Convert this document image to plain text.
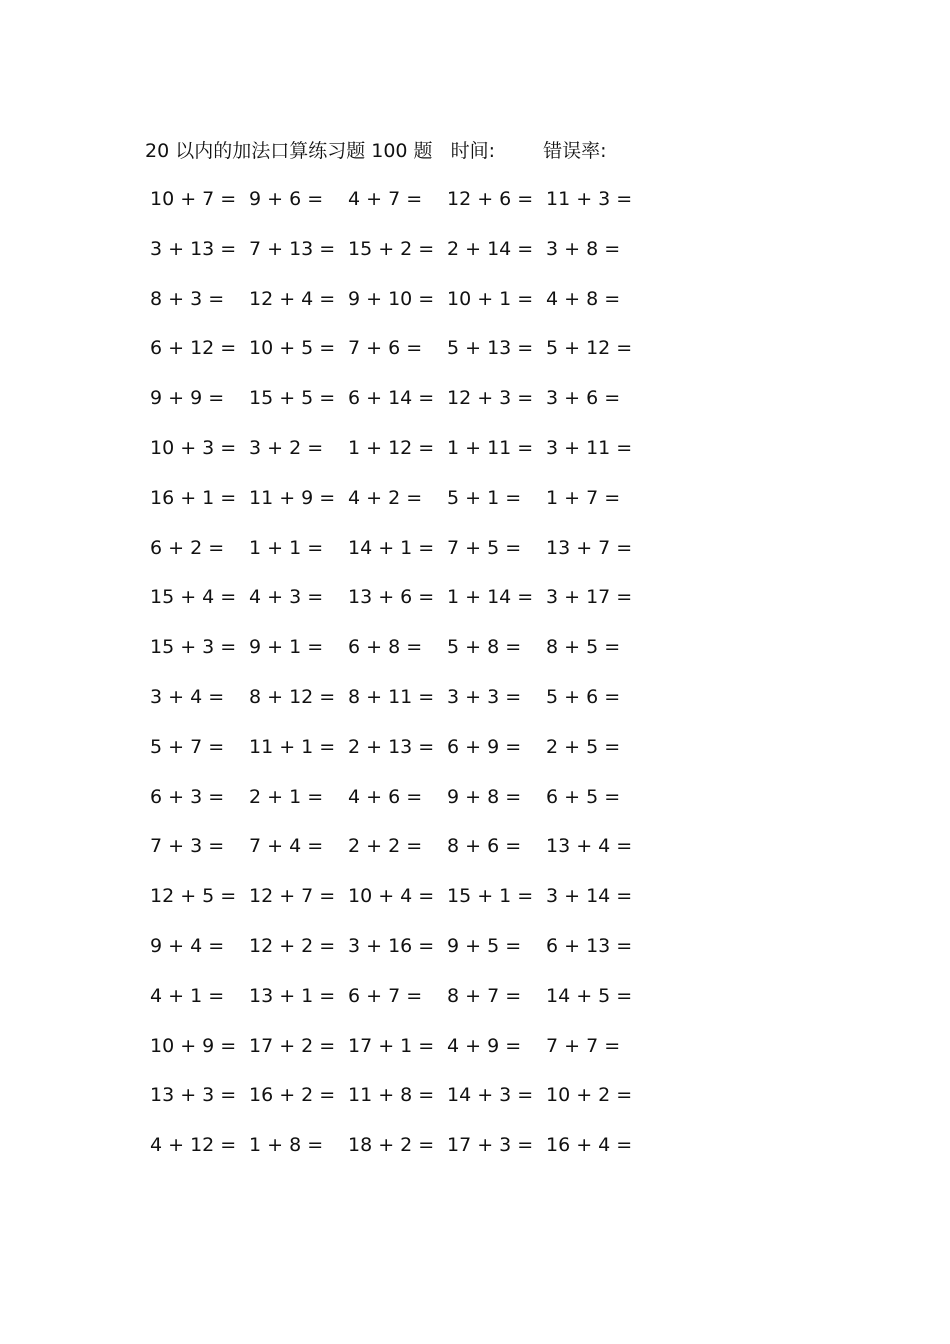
20 以内的加法口算练习题 100 题 时间:	错误率:
10 + 7 = 9 + 6 = 4 + 7 = 12 + 6 = 11 + 3 =
3 + 13 = 7 + 13 = 15 + 2 = 2 + 14 = 3 + 8 =
8 + 3 = 12 + 4 = 9 + 10 = 10 + 1 = 4 + 8 =
6 + 12 = 10 + 5 = 7 + 6 = 5 + 13 = 5 + 12 =
9 + 9 = 15 + 5 = 6 + 14 = 12 + 3 = 3 + 6 =
10 + 3 = 3 + 2 = 1 + 12 = 1 + 11 = 3 + 11 =
16 + 1 = 11 + 9 = 4 + 2 = 5 + 1 = 1 + 7 =
6 + 2 = 1 + 1 = 14 + 1 = 7 + 5 = 13 + 7 =
15 + 4 = 4 + 3 = 13 + 6 = 1 + 14 = 3 + 17 =
15 + 3 = 9 + 1 = 6 + 8 = 5 + 8 = 8 + 5 =
3 + 4 = 8 + 12 = 8 + 11 = 3 + 3 = 5 + 6 =
5 + 7 = 11 + 1 = 2 + 13 = 6 + 9 = 2 + 5 =
6 + 3 = 2 + 1 = 4 + 6 = 9 + 8 = 6 + 5 =
7 + 3 = 7 + 4 = 2 + 2 = 8 + 6 = 13 + 4 =
12 + 5 = 12 + 7 = 10 + 4 = 15 + 1 = 3 + 14 =
9 + 4 = 12 + 2 = 3 + 16 = 9 + 5 = 6 + 13 =
4 + 1 = 13 + 1 = 6 + 7 = 8 + 7 = 14 + 5 =
10 + 9 = 17 + 2 = 17 + 1 = 4 + 9 = 7 + 7 =
13 + 3 = 16 + 2 = 11 + 8 = 14 + 3 = 10 + 2 =
4 + 12 = 1 + 8 = 18 + 2 = 17 + 3 = 16 + 4 =
